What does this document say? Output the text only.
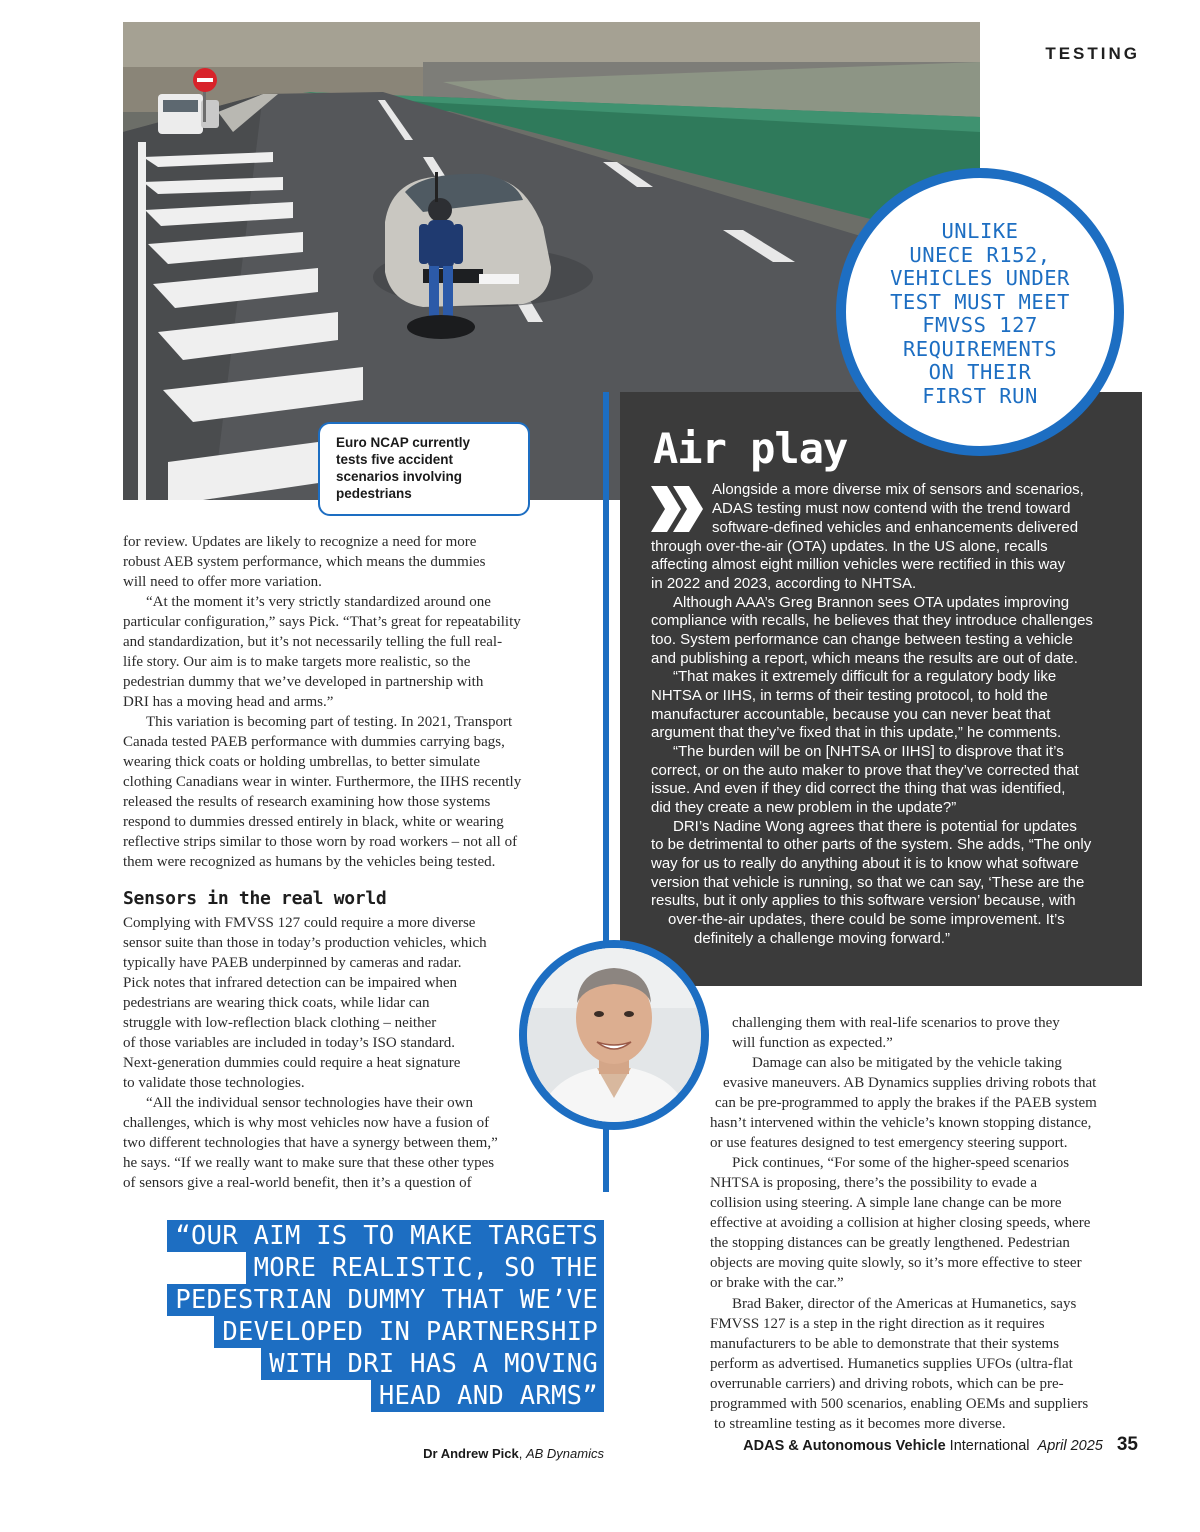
TESTING
Euro NCAP currently
tests five accident
scenarios involving
pedestrians
Air play
Alongside a more diverse mix of sensors and scenarios,
ADAS testing must now contend with the trend toward
software-defined vehicles and enhancements delivered
through over-the-air (OTA) updates. In the US alone, recalls
affecting almost eight million vehicles were rectified in this way
in 2022 and 2023, according to NHTSA.
Although AAA’s Greg Brannon sees OTA updates improving
compliance with recalls, he believes that they introduce challenges
too. System performance can change between testing a vehicle
and publishing a report, which means the results are out of date.
“That makes it extremely difficult for a regulatory body like
NHTSA or IIHS, in terms of their testing protocol, to hold the
manufacturer accountable, because you can never beat that
argument that they’ve fixed that in this update,” he comments.
“The burden will be on [NHTSA or IIHS] to disprove that it’s
correct, or on the auto maker to prove that they’ve corrected that
issue. And even if they did correct the thing that was identified,
did they create a new problem in the update?”
DRI’s Nadine Wong agrees that there is potential for updates
to be detrimental to other parts of the system. She adds, “The only
way for us to really do anything about it is to know what software
version that vehicle is running, so that we can say, ‘These are the
results, but it only applies to this software version’ because, with
over-the-air updates, there could be some improvement. It’s
definitely a challenge moving forward.”
UNLIKE
UNECE R152,
VEHICLES UNDER
TEST MUST MEET
FMVSS 127
REQUIREMENTS
ON THEIR
FIRST RUN
for review. Updates are likely to recognize a need for more
robust AEB system performance, which means the dummies
will need to offer more variation.
“At the moment it’s very strictly standardized around one
particular configuration,” says Pick. “That’s great for repeatability
and standardization, but it’s not necessarily telling the full real-
life story. Our aim is to make targets more realistic, so the
pedestrian dummy that we’ve developed in partnership with
DRI has a moving head and arms.”
This variation is becoming part of testing. In 2021, Transport
Canada tested PAEB performance with dummies carrying bags,
wearing thick coats or holding umbrellas, to better simulate
clothing Canadians wear in winter. Furthermore, the IIHS recently
released the results of research examining how those systems
respond to dummies dressed entirely in black, white or wearing
reflective strips similar to those worn by road workers – not all of
them were recognized as humans by the vehicles being tested.
Sensors in the real world
Complying with FMVSS 127 could require a more diverse
sensor suite than those in today’s production vehicles, which
typically have PAEB underpinned by cameras and radar.
Pick notes that infrared detection can be impaired when
pedestrians are wearing thick coats, while lidar can
struggle with low-reflection black clothing – neither
of those variables are included in today’s ISO standard.
Next-generation dummies could require a heat signature
to validate those technologies.
“All the individual sensor technologies have their own
challenges, which is why most vehicles now have a fusion of
two different technologies that have a synergy between them,”
he says. “If we really want to make sure that these other types
of sensors give a real-world benefit, then it’s a question of
challenging them with real-life scenarios to prove they
will function as expected.”
Damage can also be mitigated by the vehicle taking
evasive maneuvers. AB Dynamics supplies driving robots that
can be pre-programmed to apply the brakes if the PAEB system
hasn’t intervened within the vehicle’s known stopping distance,
or use features designed to test emergency steering support.
Pick continues, “For some of the higher-speed scenarios
NHTSA is proposing, there’s the possibility to evade a
collision using steering. A simple lane change can be more
effective at avoiding a collision at higher closing speeds, where
the stopping distances can be greatly lengthened. Pedestrian
objects are moving quite slowly, so it’s more effective to steer
or brake with the car.”
Brad Baker, director of the Americas at Humanetics, says
FMVSS 127 is a step in the right direction as it requires
manufacturers to be able to demonstrate that their systems
perform as advertised. Humanetics supplies UFOs (ultra-flat
overrunable carriers) and driving robots, which can be pre-
programmed with 500 scenarios, enabling OEMs and suppliers
to streamline testing as it becomes more diverse.
“OUR AIM IS TO MAKE TARGETS
MORE REALISTIC, SO THE
PEDESTRIAN DUMMY THAT WE’VE
DEVELOPED IN PARTNERSHIP
WITH DRI HAS A MOVING
HEAD AND ARMS”
Dr Andrew Pick, AB Dynamics	ADAS & Autonomous Vehicle International April 2025 35
